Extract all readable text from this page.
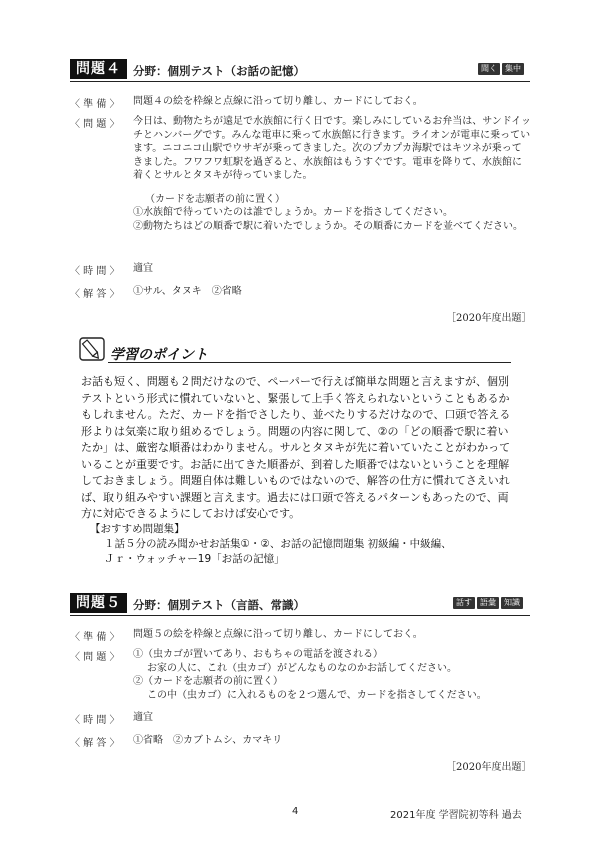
問題４	分野：個別テスト（お話の記憶）	聞く	集中
〈 準 備 〉 問題４の絵を枠線と点線に沿って切り離し、カードにしておく。
〈 問 題 〉 今日は、動物たちが遠足で水族館に行く日です。楽しみにしているお弁当は、サンドイッチとハンバーグです。みんな電車に乗って水族館に行きます。ライオンが電車に乗っています。ニコニコ山駅でウサギが乗ってきました。次のプカプカ海駅ではキツネが乗ってきました。フワフワ虹駅を過ぎると、水族館はもうすぐです。電車を降りて、水族館に着くとサルとタヌキが待っていました。

（カードを志願者の前に置く）

①水族館で待っていたのは誰でしょうか。カードを指さしてください。

②動物たちはどの順番で駅に着いたでしょうか。その順番にカードを並べてください。

〈 時 間 〉 適宜
〈 解 答 〉 ①サル、タヌキ　②省略
［2020年度出題］
学習のポイント

お話も短く、問題も２問だけなので、ペーパーで行えば簡単な問題と言えますが、個別テストという形式に慣れていないと、緊張して上手く答えられないということもあるかもしれません。ただ、カードを指でさしたり、並べたりするだけなので、口頭で答える形よりは気楽に取り組めるでしょう。問題の内容に関して、②の「どの順番で駅に着いたか」は、厳密な順番はわかりません。サルとタヌキが先に着いていたことがわかっていることが重要です。お話に出てきた順番が、到着した順番ではないということを理解しておきましょう。問題自体は難しいものではないので、解答の仕方に慣れてさえいれば、取り組みやすい課題と言えます。過去には口頭で答えるパターンもあったので、両方に対応できるようにしておけば安心です。

【おすすめ問題集】

１話５分の読み聞かせお話集①・②、お話の記憶問題集 初級編・中級編、

Ｊｒ・ウォッチャー19「お話の記憶」

問題５	分野：個別テスト（言語、常識）	話す	語彙	知識
〈 準 備 〉 問題５の絵を枠線と点線に沿って切り離し、カードにしておく。
〈 問 題 〉 ①（虫カゴが置いてあり、おもちゃの電話を渡される）

お家の人に、これ（虫カゴ）がどんなものなのかお話してください。

②（カードを志願者の前に置く）

この中（虫カゴ）に入れるものを２つ選んで、カードを指さしてください。

〈 時 間 〉 適宜
〈 解 答 〉 ①省略　②カブトムシ、カマキリ
［2020年度出題］
4	2021年度 学習院初等科 過去
